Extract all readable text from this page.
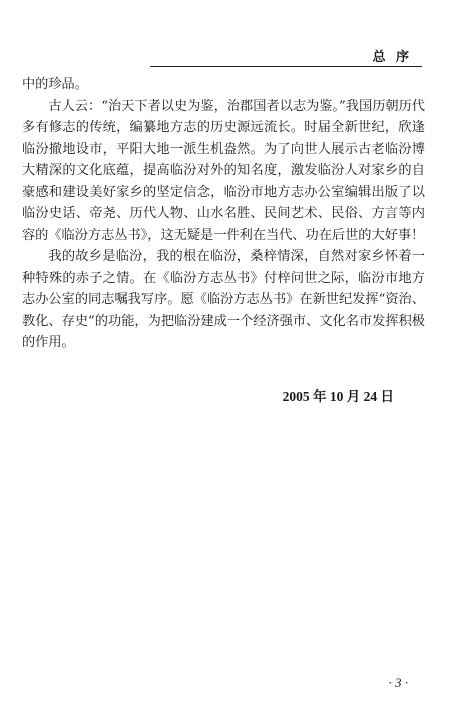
总 序

中的珍品。

古人云：“治天下者以史为鉴，治郡国者以志为鉴。”我国历朝历代多有修志的传统，编纂地方志的历史源远流长。时届全新世纪，欣逢临汾撤地设市，平阳大地一派生机盎然。为了向世人展示古老临汾博大精深的文化底蕴，提高临汾对外的知名度，激发临汾人对家乡的自豪感和建设美好家乡的坚定信念，临汾市地方志办公室编辑出版了以临汾史话、帝尧、历代人物、山水名胜、民间艺术、民俗、方言等内容的《临汾方志丛书》，这无疑是一件利在当代、功在后世的大好事！

我的故乡是临汾，我的根在临汾，桑梓情深，自然对家乡怀着一种特殊的赤子之情。在《临汾方志丛书》付梓问世之际，临汾市地方志办公室的同志嘱我写序。愿《临汾方志丛书》在新世纪发挥“资治、教化、存史”的功能，为把临汾建成一个经济强市、文化名市发挥积极的作用。

2005 年 10 月 24 日
· 3 ·
